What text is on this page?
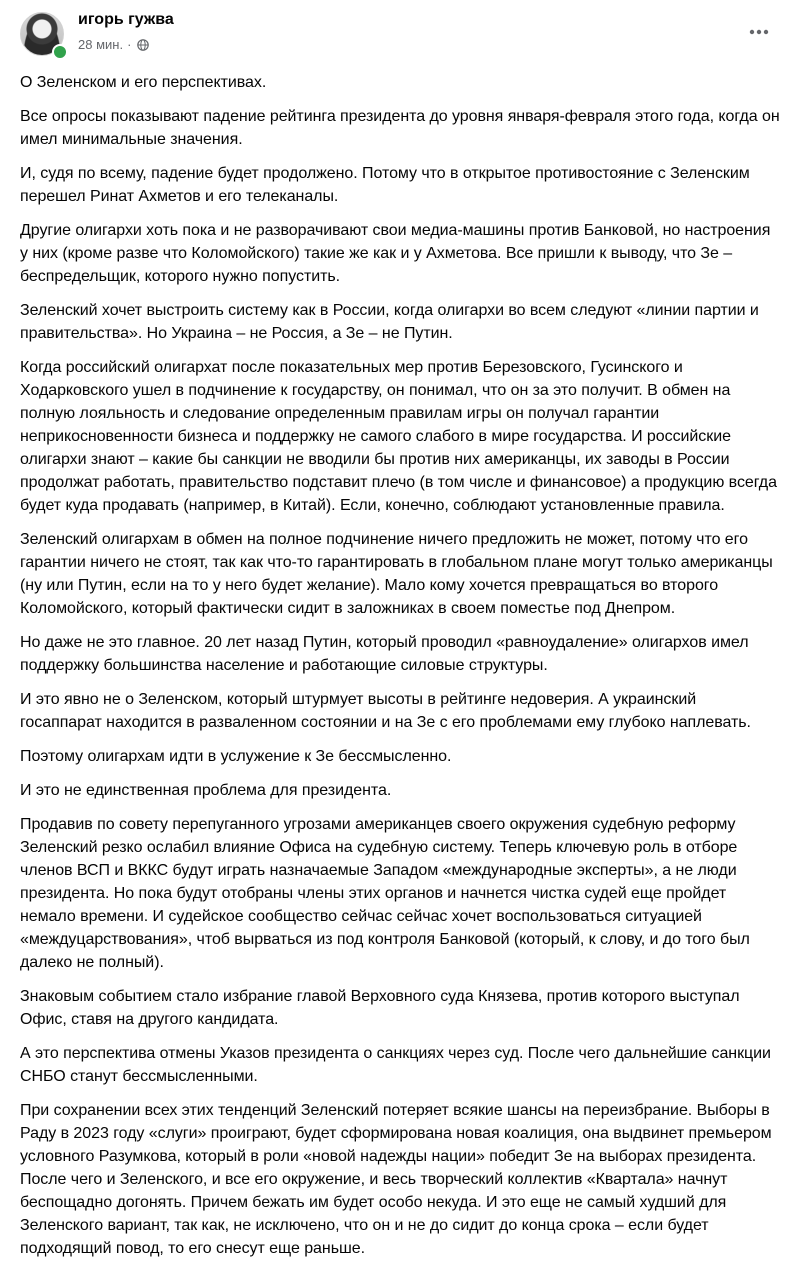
игорь гужва
28 мин. ·

О Зеленском и его перспективах.

Все опросы показывают падение рейтинга президента до уровня января-февраля этого года, когда он имел минимальные значения.

И, судя по всему, падение будет продолжено. Потому что в открытое противостояние с Зеленским перешел Ринат Ахметов и его телеканалы.

Другие олигархи хоть пока и не разворачивают свои медиа-машины против Банковой, но настроения у них (кроме разве что Коломойского) такие же как и у Ахметова. Все пришли к выводу, что Зе – беспредельщик, которого нужно попустить.

Зеленский хочет выстроить систему как в России, когда олигархи во всем следуют «линии партии и правительства». Но Украина – не Россия, а Зе – не Путин.

Когда российский олигархат после показательных мер против Березовского, Гусинского и Ходарковского ушел в подчинение к государству, он понимал, что он за это получит. В обмен на полную лояльность и следование определенным правилам игры он получал гарантии неприкосновенности бизнеса и поддержку не самого слабого в мире государства. И российские олигархи знают – какие бы санкции не вводили бы против них американцы, их заводы в России продолжат работать, правительство подставит плечо (в том числе и финансовое) а продукцию всегда будет куда продавать (например, в Китай). Если, конечно, соблюдают установленные правила.

Зеленский олигархам в обмен на полное подчинение ничего предложить не может, потому что его гарантии ничего не стоят, так как что-то гарантировать в глобальном плане могут только американцы (ну или Путин, если на то у него будет желание). Мало кому хочется превращаться во второго Коломойского, который фактически сидит в заложниках в своем поместье под Днепром.

Но даже не это главное. 20 лет назад Путин, который проводил «равноудаление» олигархов имел поддержку большинства население и работающие силовые структуры.

И это явно не о Зеленском, который штурмует высоты в рейтинге недоверия. А украинский госаппарат находится в разваленном состоянии и на Зе с его проблемами ему глубоко наплевать.

Поэтому олигархам идти в услужение к Зе бессмысленно.

И это не единственная проблема для президента.

Продавив по совету перепуганного угрозами американцев своего окружения судебную реформу Зеленский резко ослабил влияние Офиса на судебную систему. Теперь ключевую роль в отборе членов ВСП и ВККС будут играть назначаемые Западом «международные эксперты», а не люди президента. Но пока будут отобраны члены этих органов и начнется чистка судей еще пройдет немало времени. И судейское сообщество сейчас сейчас хочет воспользоваться ситуацией «междуцарствования», чтоб вырваться из под контроля Банковой (который, к слову, и до того был далеко не полный).

Знаковым событием стало избрание главой Верховного суда Князева, против которого выступал Офис, ставя на другого кандидата.

А это перспектива отмены Указов президента о санкциях через суд. После чего дальнейшие санкции СНБО станут бессмысленными.

При сохранении всех этих тенденций Зеленский потеряет всякие шансы на переизбрание. Выборы в Раду в 2023 году «слуги» проиграют, будет сформирована новая коалиция, она выдвинет премьером условного Разумкова, который в роли «новой надежды нации» победит Зе на выборах президента. После чего и Зеленского, и все его окружение, и весь творческий коллектив «Квартала» начнут беспощадно догонять. Причем бежать им будет особо некуда. И это еще не самый худший для Зеленского вариант, так как, не исключено, что он и не до сидит до конца срока – если будет подходящий повод, то его снесут еще раньше.
